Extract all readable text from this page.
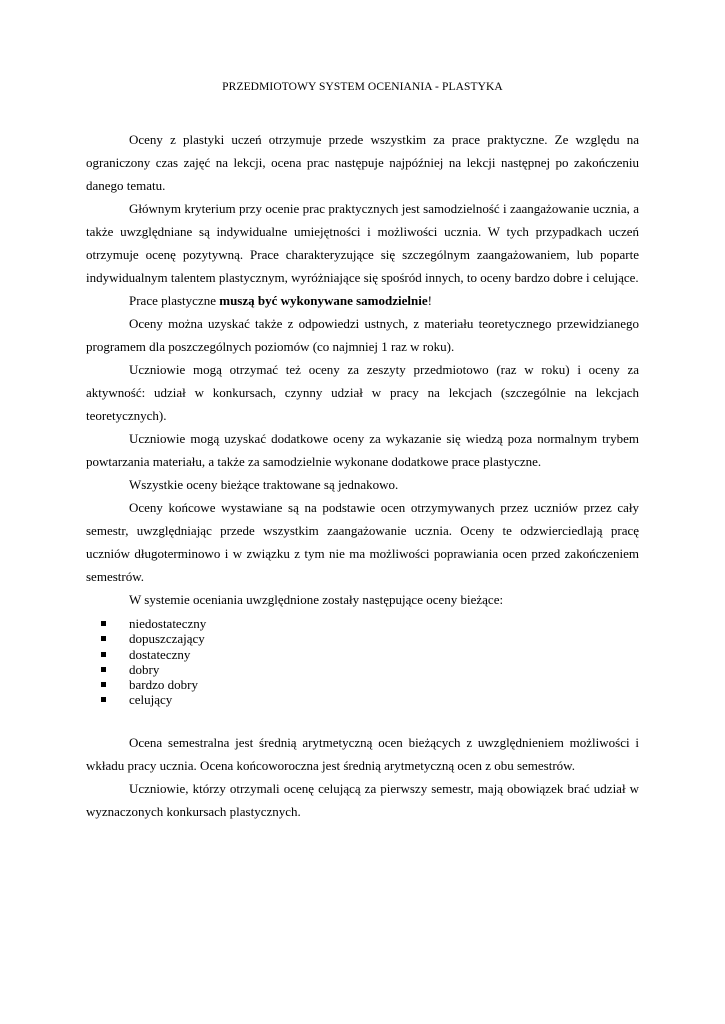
PRZEDMIOTOWY SYSTEM OCENIANIA - PLASTYKA

Oceny z plastyki uczeń otrzymuje przede wszystkim za prace praktyczne. Ze względu na ograniczony czas zajęć na lekcji, ocena prac następuje najpóźniej na lekcji następnej po zakończeniu danego tematu.

Głównym kryterium przy ocenie prac praktycznych jest samodzielność i zaangażowanie ucznia, a także uwzględniane są indywidualne umiejętności i możliwości ucznia. W tych przypadkach uczeń otrzymuje ocenę pozytywną. Prace charakteryzujące się szczególnym zaangażowaniem, lub poparte indywidualnym talentem plastycznym, wyróżniające się spośród innych, to oceny bardzo dobre i celujące.

Prace plastyczne muszą być wykonywane samodzielnie!

Oceny można uzyskać także z odpowiedzi ustnych, z materiału teoretycznego przewidzianego programem dla poszczególnych poziomów (co najmniej 1 raz w roku).

Uczniowie mogą otrzymać też oceny za zeszyty przedmiotowo (raz w roku) i oceny za aktywność: udział w konkursach, czynny udział w pracy na lekcjach (szczególnie na lekcjach teoretycznych).

Uczniowie mogą uzyskać dodatkowe oceny za wykazanie się wiedzą poza normalnym trybem powtarzania materiału, a także za samodzielnie wykonane dodatkowe prace plastyczne.

Wszystkie oceny bieżące traktowane są jednakowo.

Oceny końcowe wystawiane są na podstawie ocen otrzymywanych przez uczniów przez cały semestr, uwzględniając przede wszystkim zaangażowanie ucznia. Oceny te odzwierciedlają pracę uczniów długoterminowo i w związku z tym nie ma możliwości poprawiania ocen przed zakończeniem semestrów.

W systemie oceniania uwzględnione zostały następujące oceny bieżące:

niedostateczny
dopuszczający
dostateczny
dobry
bardzo dobry
celujący

Ocena semestralna jest średnią arytmetyczną ocen bieżących z uwzględnieniem możliwości i wkładu pracy ucznia. Ocena końcoworoczna jest średnią arytmetyczną ocen z obu semestrów.

Uczniowie, którzy otrzymali ocenę celującą za pierwszy semestr, mają obowiązek brać udział w wyznaczonych konkursach plastycznych.
